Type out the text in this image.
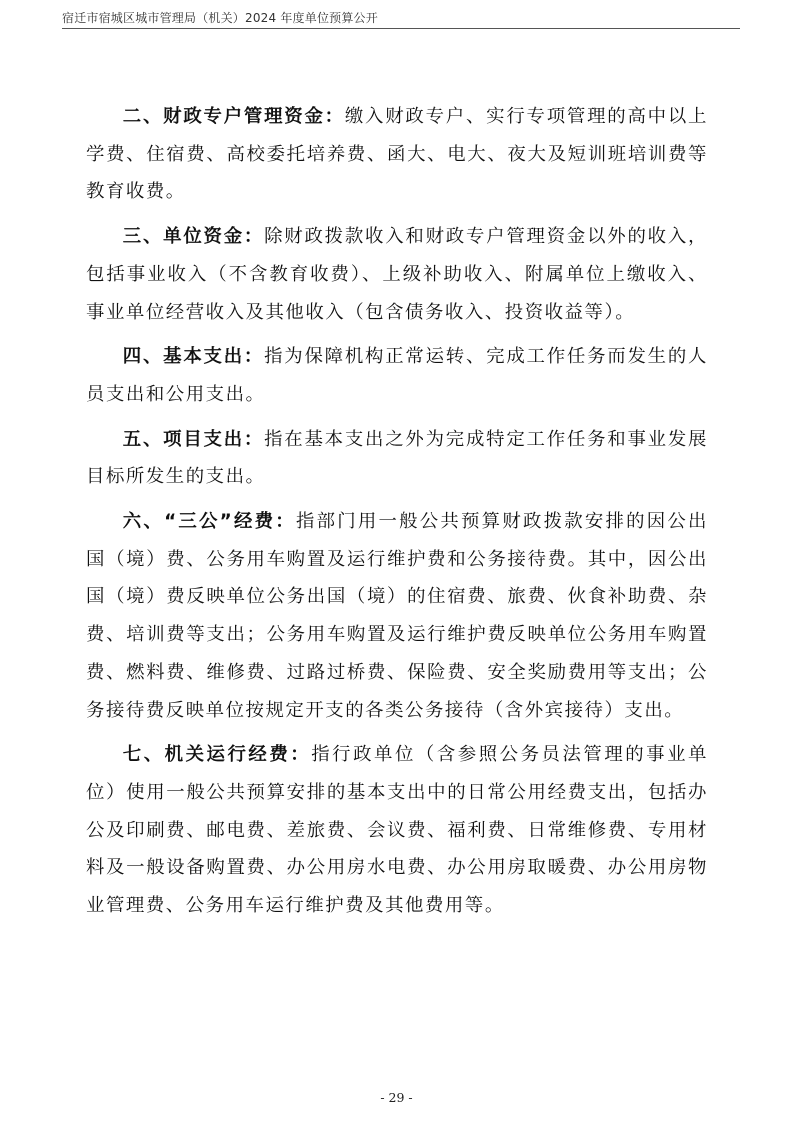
宿迁市宿城区城市管理局（机关）2024 年度单位预算公开

二、财政专户管理资金：缴入财政专户、实行专项管理的高中以上学费、住宿费、高校委托培养费、函大、电大、夜大及短训班培训费等教育收费。

三、单位资金：除财政拨款收入和财政专户管理资金以外的收入，包括事业收入（不含教育收费）、上级补助收入、附属单位上缴收入、事业单位经营收入及其他收入（包含债务收入、投资收益等）。

四、基本支出：指为保障机构正常运转、完成工作任务而发生的人员支出和公用支出。

五、项目支出：指在基本支出之外为完成特定工作任务和事业发展目标所发生的支出。

六、“三公”经费：指部门用一般公共预算财政拨款安排的因公出国（境）费、公务用车购置及运行维护费和公务接待费。其中，因公出国（境）费反映单位公务出国（境）的住宿费、旅费、伙食补助费、杂费、培训费等支出；公务用车购置及运行维护费反映单位公务用车购置费、燃料费、维修费、过路过桥费、保险费、安全奖励费用等支出；公务接待费反映单位按规定开支的各类公务接待（含外宾接待）支出。

七、机关运行经费：指行政单位（含参照公务员法管理的事业单位）使用一般公共预算安排的基本支出中的日常公用经费支出，包括办公及印刷费、邮电费、差旅费、会议费、福利费、日常维修费、专用材料及一般设备购置费、办公用房水电费、办公用房取暖费、办公用房物业管理费、公务用车运行维护费及其他费用等。

- 29 -
